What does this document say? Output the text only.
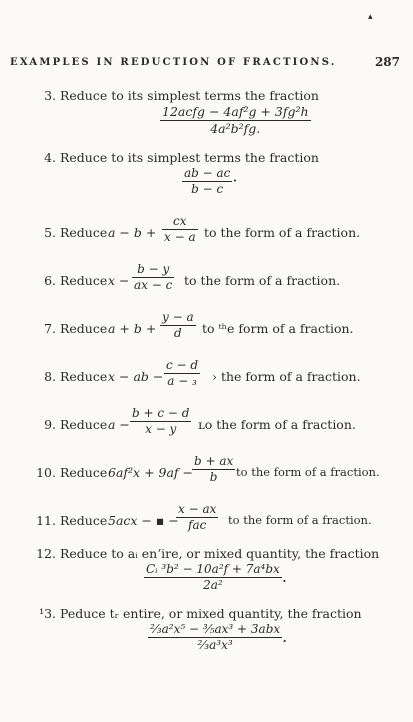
▴
EXAMPLES IN REDUCTION OF FRACTIONS.	287
3. Reduce to its simplest terms the fraction
$\frac{\text{12acfg − 4af²g + 3fg²h}}{\text{4a²b²fg.}}$
4. Reduce to its simplest terms the fraction
$\frac{ab - ac}{b - c}$ ·
5. Reduce $a - b + \frac{cx}{x - a}$ to the form of a fraction.
6. Reduce $x - \frac{b - y}{ax - c}$ to the form of a fraction.
7. Reduce $a + b + \frac{y - a}{d}$ to ᵗʰe form of a fraction.
8. Reduce x − ab − $\frac{c - d}{\text{a − ₃}}$ › the form of a fraction.
9. Reduce $a - \frac{b + c - d}{x - y}$ ʟo the form of a fraction.
10. Reduce $6af^2x + 9af - \frac{b + ax}{b}$ to the form of a fraction.
11. Reduce 5acx − ▪ −
$\frac{x - ax}{\text{fac}}$ to the form of a fraction.
12. Reduce to aᵢ enʼire, or mixed quantity, the fraction
$\frac{\text{Cᵢ ³b² − 10a²f + 7a⁴bx}}{\text{2a²}}$ .
¹3. Peduce tᵣ entire, or mixed quantity, the fraction
$\frac{\text{⅔a²x⁵ − ⅗ax³ + 3abx}}{\text{⅔a³x³}}$ .
